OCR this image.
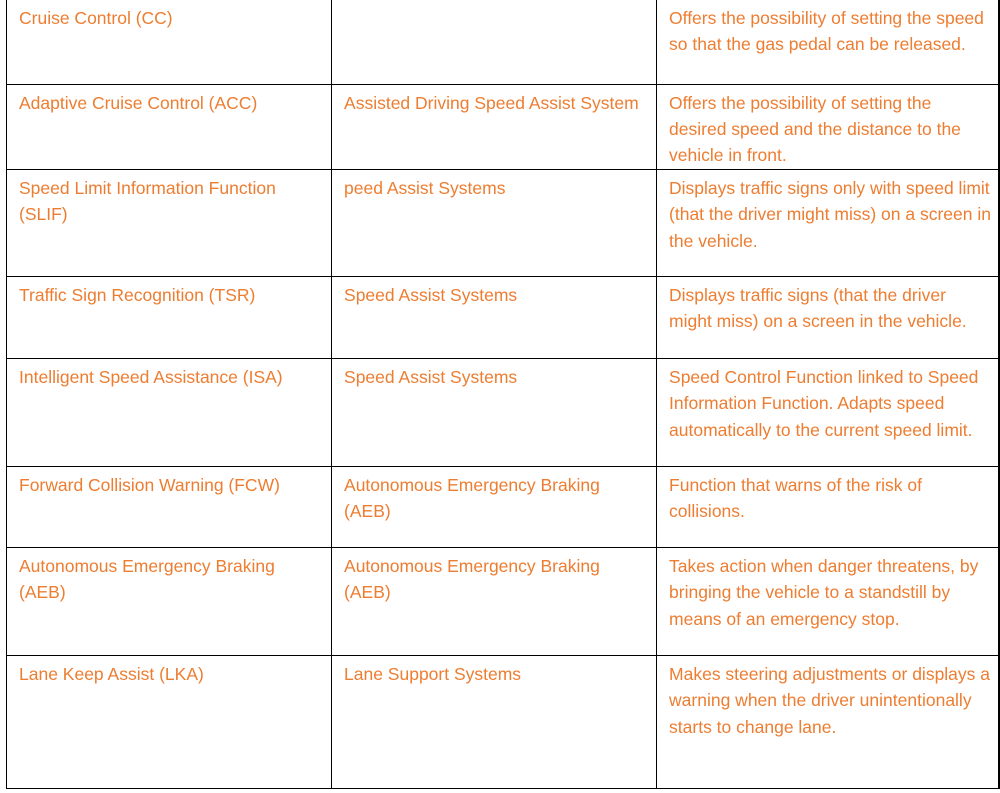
Cruise Control (CC)		Offers the possibility of setting the speed so that the gas pedal can be released.
Adaptive Cruise Control (ACC)	Assisted Driving Speed Assist System	Offers the possibility of setting the desired speed and the distance to the vehicle in front.
Speed Limit Information Function (SLIF)	peed Assist Systems	Displays traffic signs only with speed limit (that the driver might miss) on a screen in the vehicle.
Traffic Sign Recognition (TSR)	Speed Assist Systems	Displays traffic signs (that the driver might miss) on a screen in the vehicle.
Intelligent Speed Assistance (ISA)	Speed Assist Systems	Speed Control Function linked to Speed Information Function. Adapts speed automatically to the current speed limit.
Forward Collision Warning (FCW)	Autonomous Emergency Braking (AEB)	Function that warns of the risk of collisions.
Autonomous Emergency Braking (AEB)	Autonomous Emergency Braking (AEB)	Takes action when danger threatens, by bringing the vehicle to a standstill by means of an emergency stop.
Lane Keep Assist (LKA)	Lane Support Systems	Makes steering adjustments or displays a warning when the driver unintentionally starts to change lane.
